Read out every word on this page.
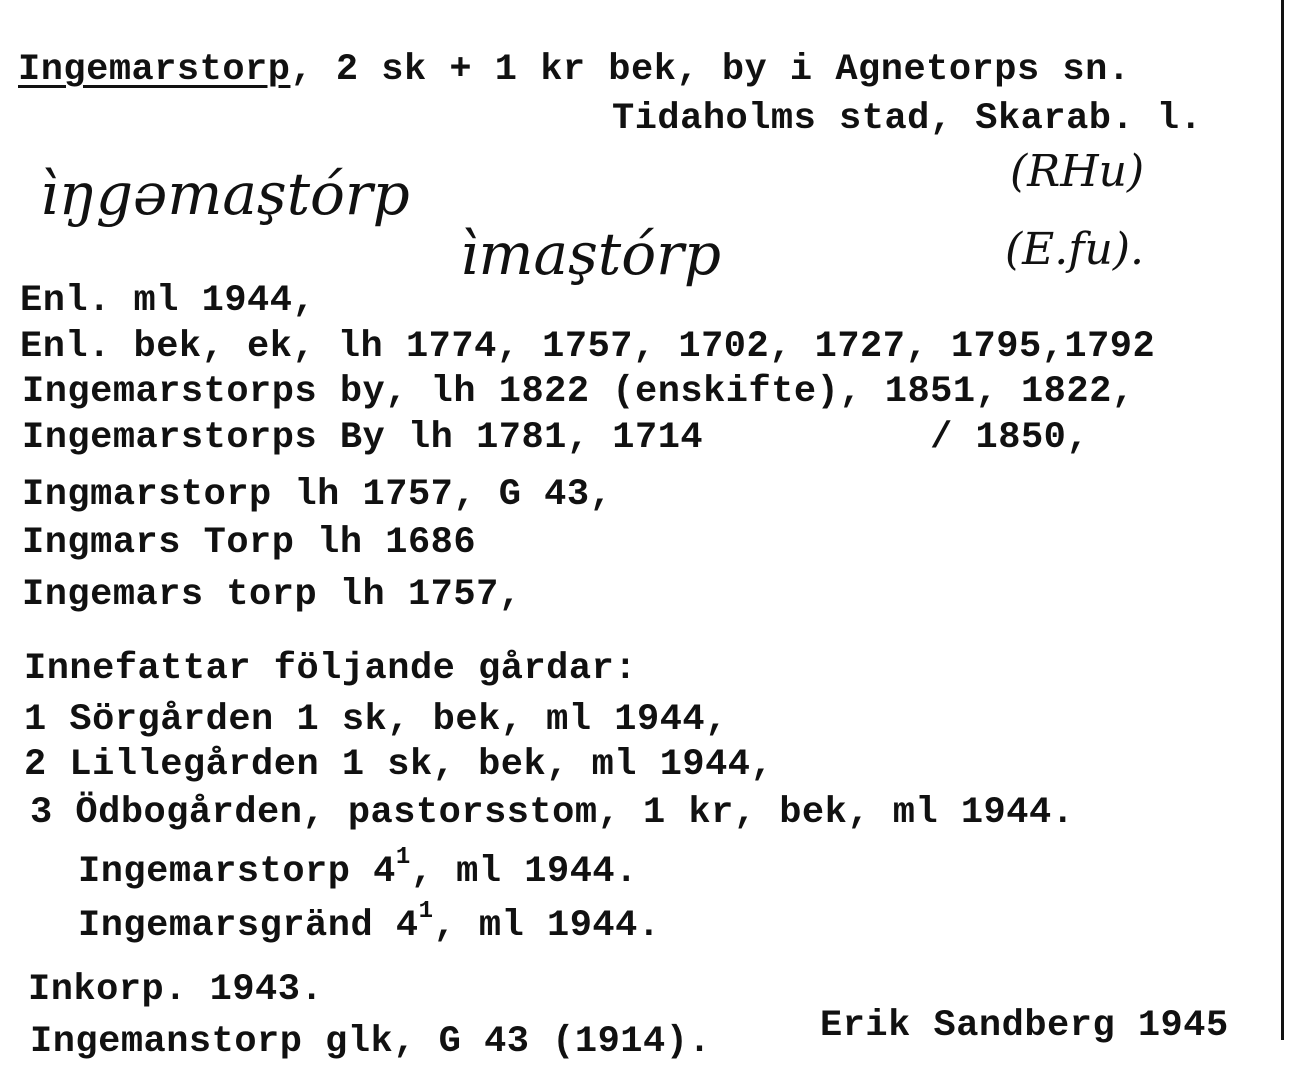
Ingemarstorp, 2 sk + 1 kr bek, by i Agnetorps sn.
Tidaholms stad, Skarab. l.
ìŋgəmaştórp
ìmaştórp
(RHu)
(E.fu).
Enl. ml 1944,
Enl. bek, ek, lh 1774, 1757, 1702, 1727, 1795,1792
Ingemarstorps by, lh 1822 (enskifte), 1851, 1822,
Ingemarstorps By lh 1781, 1714          / 1850,
Ingmarstorp lh 1757, G 43,
Ingmars Torp lh 1686
Ingemars torp lh 1757,
Innefattar följande gårdar:
1 Sörgården 1 sk, bek, ml 1944,
2 Lillegården 1 sk, bek, ml 1944,
3 Ödbogården, pastorsstom, 1 kr, bek, ml 1944.
Ingemarstorp $4^1$, ml 1944.
Ingemarsgränd $4^1$, ml 1944.
Inkorp. 1943.
Ingemanstorp glk, G 43 (1914).	Erik Sandberg 1945
